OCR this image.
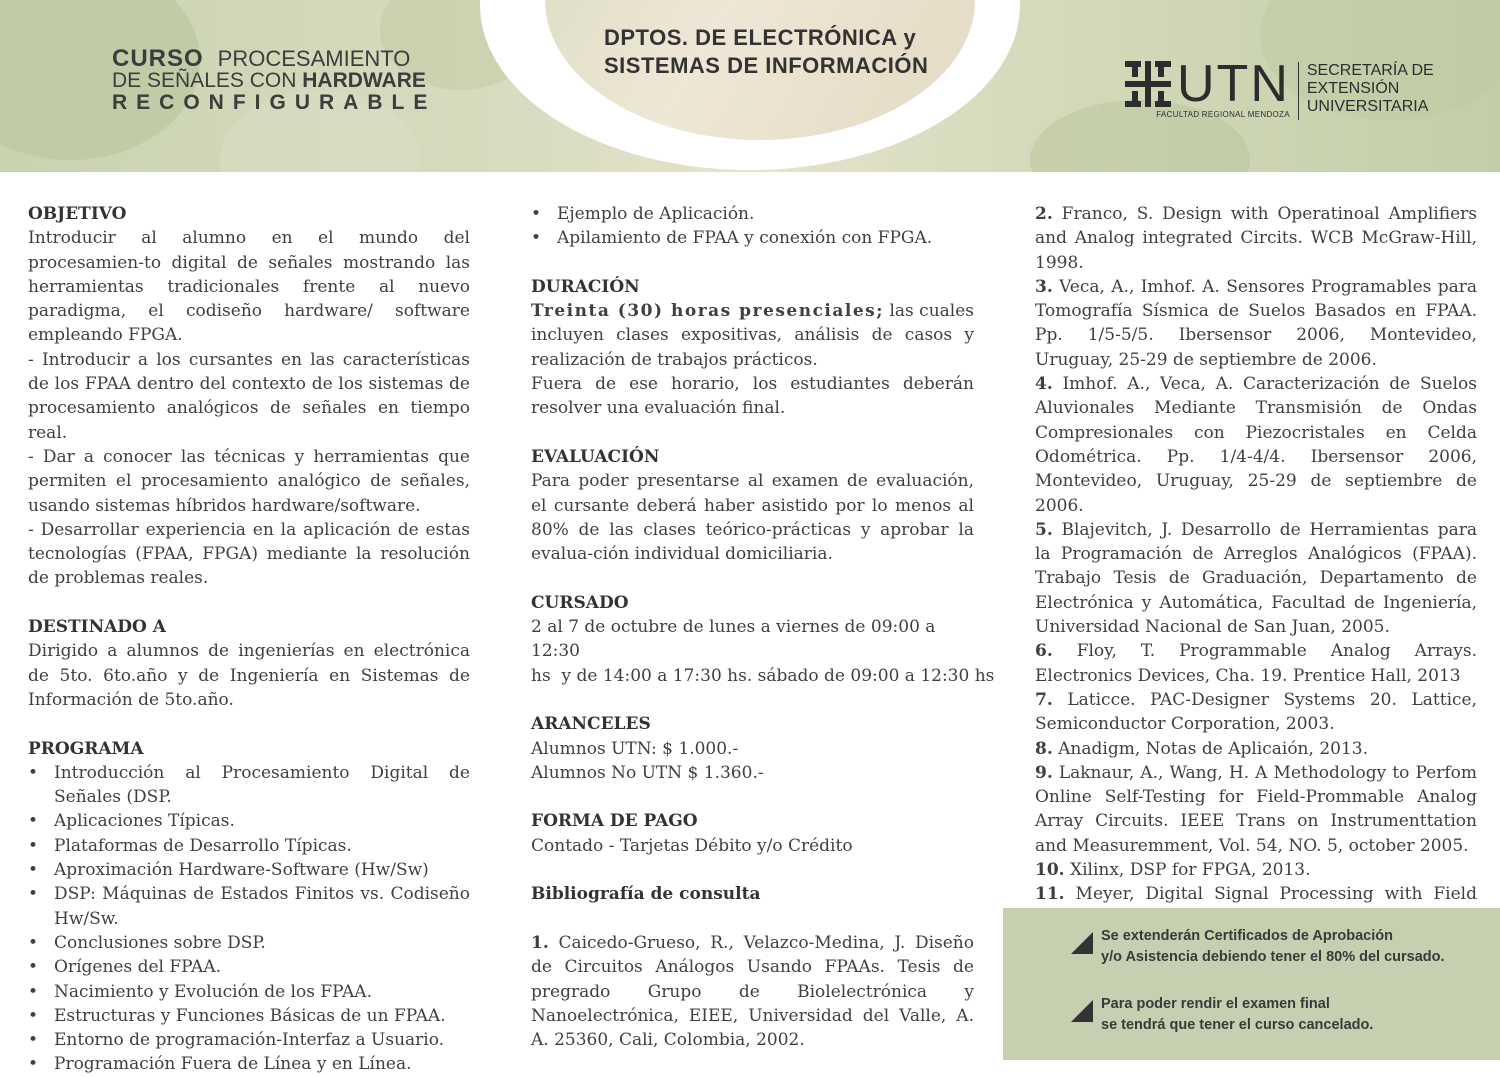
CURSO PROCESAMIENTO
DE SEÑALES CON HARDWARE
RECONFIGURABLE
DPTOS. DE ELECTRÓNICA y
SISTEMAS DE INFORMACIÓN	UTN
FACULTAD REGIONAL MENDOZA
SECRETARÍA DE
EXTENSIÓN
UNIVERSITARIA

OBJETIVO

Introducir al alumno en el mundo del procesamien-to digital de señales mostrando las herramientas tradicionales frente al nuevo paradigma, el codiseño hardware/ software empleando FPGA.
- Introducir a los cursantes en las características de los FPAA dentro del contexto de los sistemas de procesamiento analógicos de señales en tiempo real.
- Dar a conocer las técnicas y herramientas que permiten el procesamiento analógico de señales, usando sistemas híbridos hardware/software.
- Desarrollar experiencia en la aplicación de estas tecnologías (FPAA, FPGA) mediante la resolución de problemas reales.

DESTINADO A

Dirigido a alumnos de ingenierías en electrónica de 5to. 6to.año y de Ingeniería en Sistemas de Información de 5to.año.

PROGRAMA

• Introducción al Procesamiento Digital de Señales (DSP.
• Aplicaciones Típicas.
• Plataformas de Desarrollo Típicas.
• Aproximación Hardware-Software (Hw/Sw)
• DSP: Máquinas de Estados Finitos vs. Codiseño Hw/Sw.
• Conclusiones sobre DSP.
• Orígenes del FPAA.
• Nacimiento y Evolución de los FPAA.
• Estructuras y Funciones Básicas de un FPAA.
• Entorno de programación-Interfaz a Usuario.
• Programación Fuera de Línea y en Línea.
• Ejemplo de Aplicación.
• Apilamiento de FPAA y conexión con FPGA.

DURACIÓN

Treinta (30) horas presenciales; las cuales incluyen clases expositivas, análisis de casos y realización de trabajos prácticos.
Fuera de ese horario, los estudiantes deberán resolver una evaluación final.

EVALUACIÓN

Para poder presentarse al examen de evaluación, el cursante deberá haber asistido por lo menos al 80% de las clases teórico-prácticas y aprobar la evalua-ción individual domiciliaria.

CURSADO

2 al 7 de octubre de lunes a viernes de 09:00 a 12:30
hs  y de 14:00 a 17:30 hs. sábado de 09:00 a 12:30 hs

ARANCELES

Alumnos UTN: $ 1.000.-
Alumnos No UTN $ 1.360.-

FORMA DE PAGO

Contado - Tarjetas Débito y/o Crédito

Bibliografía de consulta

1. Caicedo-Grueso, R., Velazco-Medina, J. Diseño de Circuitos Análogos Usando FPAAs. Tesis de pregrado Grupo de Biolelectrónica y Nanoelectrónica, EIEE, Universidad del Valle, A. A. 25360, Cali, Colombia, 2002.
2. Franco, S. Design with Operatinoal Amplifiers and Analog integrated Circits. WCB McGraw-Hill, 1998.
3. Veca, A., Imhof. A. Sensores Programables para Tomografía Sísmica de Suelos Basados en FPAA. Pp. 1/5-5/5. Ibersensor 2006, Montevideo, Uruguay, 25-29 de septiembre de 2006.
4. Imhof. A., Veca, A. Caracterización de Suelos Aluvionales Mediante Transmisión de Ondas Compresionales con Piezocristales en Celda Odométrica. Pp. 1/4-4/4. Ibersensor 2006, Montevideo, Uruguay, 25-29 de septiembre de 2006.
5. Blajevitch, J. Desarrollo de Herramientas para la Programación de Arreglos Analógicos (FPAA). Trabajo Tesis de Graduación, Departamento de Electrónica y Automática, Facultad de Ingeniería, Universidad Nacional de San Juan, 2005.
6. Floy, T. Programmable Analog Arrays. Electronics Devices, Cha. 19. Prentice Hall, 2013
7. Laticce. PAC-Designer Systems 20. Lattice, Semiconductor Corporation, 2003.
8. Anadigm, Notas de Aplicaión, 2013.
9. Laknaur, A., Wang, H. A Methodology to Perfom Online Self-Testing for Field-Prommable Analog Array Circuits. IEEE Trans on Instrumenttation and Measuremment, Vol. 54, NO. 5, october 2005.
10. Xilinx, DSP for FPGA, 2013.
11. Meyer, Digital Signal Processing with Field
Se extenderán Certificados de Aprobación
y/o Asistencia debiendo tener el 80% del cursado.
Para poder rendir el examen final
se tendrá que tener el curso cancelado.
